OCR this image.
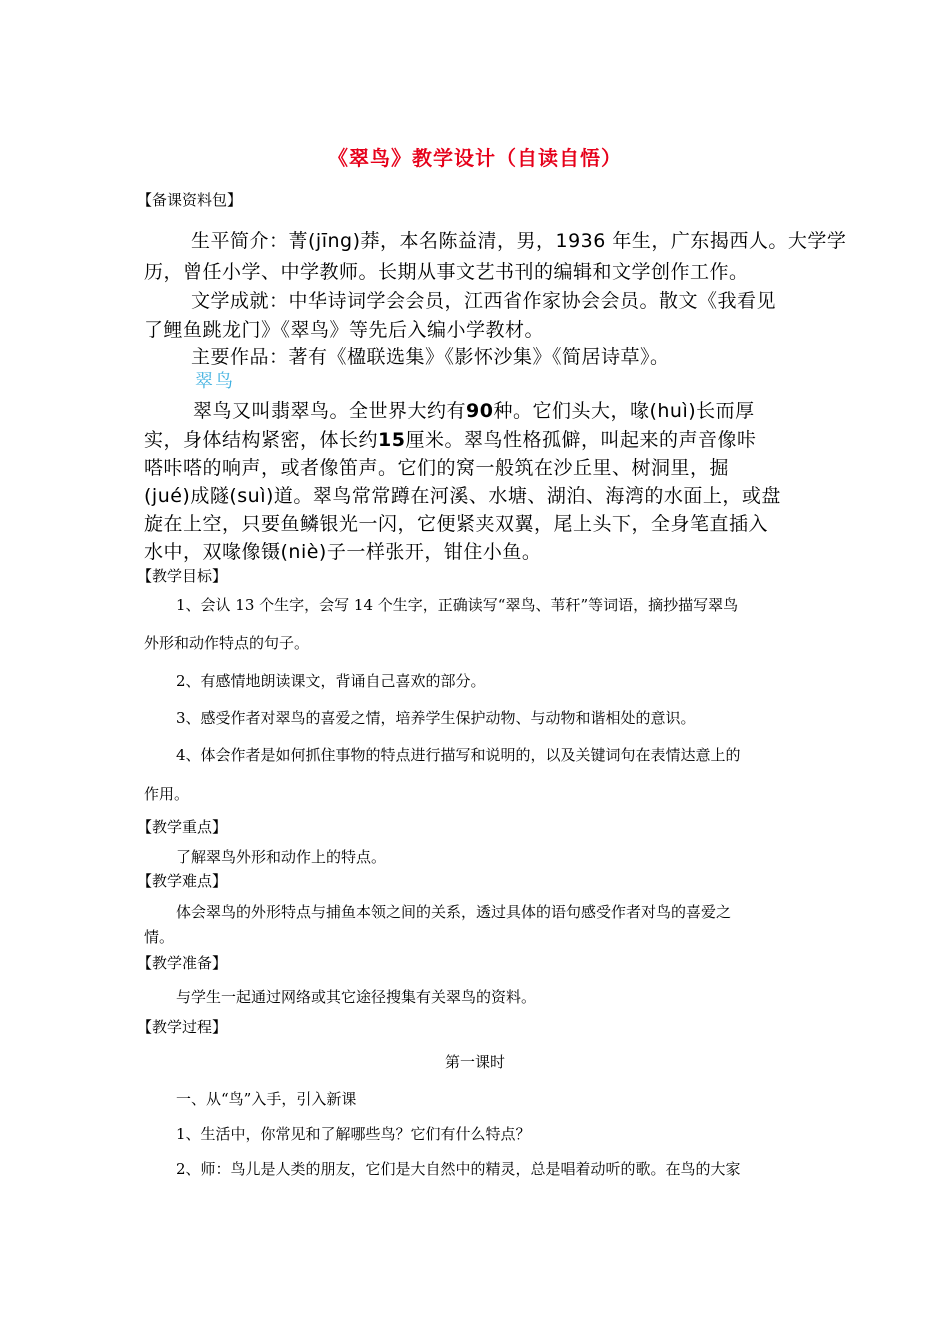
《翠鸟》教学设计（自读自悟）
【备课资料包】
生平简介：菁(jīng)莽，本名陈益清，男，1936 年生，广东揭西人。大学学
历，曾任小学、中学教师。长期从事文艺书刊的编辑和文学创作工作。
文学成就：中华诗词学会会员，江西省作家协会会员。散文《我看见
了鲤鱼跳龙门》《翠鸟》等先后入编小学教材。
主要作品：著有《楹联选集》《影怀沙集》《简居诗草》。
翠鸟
翠鸟又叫翡翠鸟。全世界大约有90种。它们头大，喙(huì)长而厚
实，身体结构紧密，体长约15厘米。翠鸟性格孤僻，叫起来的声音像咔
嗒咔嗒的响声，或者像笛声。它们的窝一般筑在沙丘里、树洞里，掘
(jué)成隧(suì)道。翠鸟常常蹲在河溪、水塘、湖泊、海湾的水面上，或盘
旋在上空，只要鱼鳞银光一闪，它便紧夹双翼，尾上头下，全身笔直插入
水中，双喙像镊(niè)子一样张开，钳住小鱼。
【教学目标】
1、会认 13 个生字，会写 14 个生字，正确读写“翠鸟、苇秆”等词语，摘抄描写翠鸟
外形和动作特点的句子。
2、有感情地朗读课文，背诵自己喜欢的部分。
3、感受作者对翠鸟的喜爱之情，培养学生保护动物、与动物和谐相处的意识。
4、体会作者是如何抓住事物的特点进行描写和说明的，以及关键词句在表情达意上的
作用。
【教学重点】
了解翠鸟外形和动作上的特点。
【教学难点】
体会翠鸟的外形特点与捕鱼本领之间的关系，透过具体的语句感受作者对鸟的喜爱之
情。
【教学准备】
与学生一起通过网络或其它途径搜集有关翠鸟的资料。
【教学过程】
第一课时
一、从“鸟”入手，引入新课
1、生活中，你常见和了解哪些鸟？它们有什么特点？
2、师：鸟儿是人类的朋友，它们是大自然中的精灵，总是唱着动听的歌。在鸟的大家
